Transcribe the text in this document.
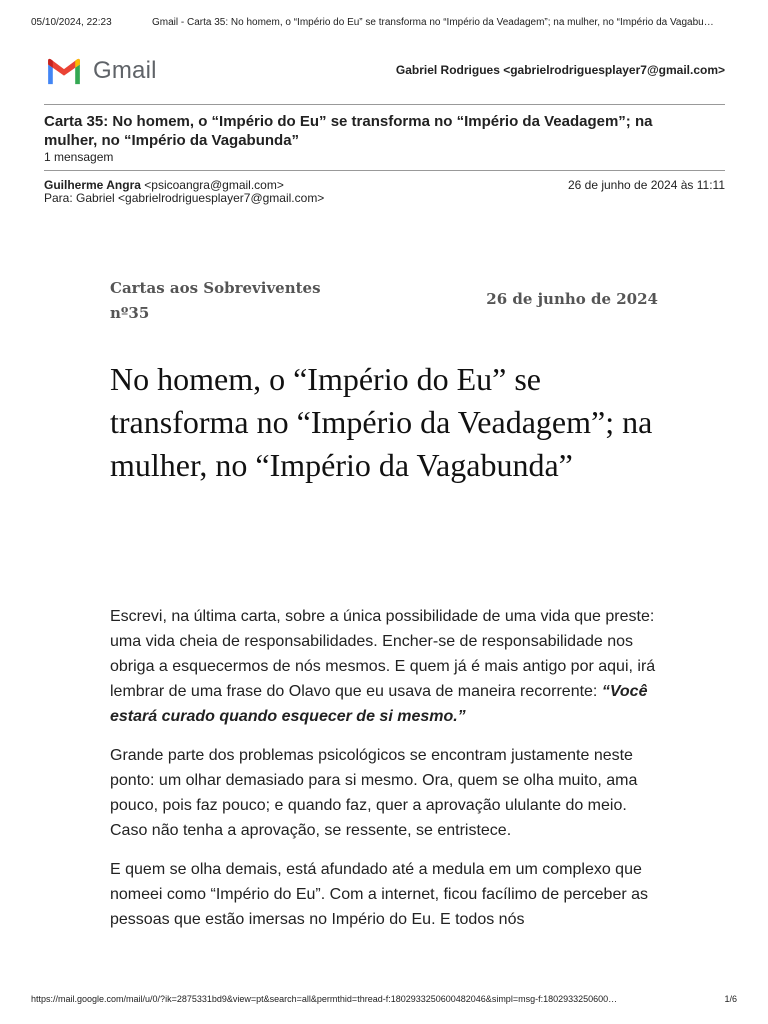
05/10/2024, 22:23	Gmail - Carta 35: No homem, o “Império do Eu” se transforma no “Império da Veadagem”; na mulher, no “Império da Vagabu…
Gmail	Gabriel Rodrigues <gabrielrodriguesplayer7@gmail.com>
Carta 35: No homem, o “Império do Eu” se transforma no “Império da Veadagem”; na mulher, no “Império da Vagabunda”
1 mensagem
Guilherme Angra <psicoangra@gmail.com>	26 de junho de 2024 às 11:11
Para: Gabriel <gabrielrodriguesplayer7@gmail.com>
Cartas aos Sobreviventes nº35
26 de junho de 2024
No homem, o “Império do Eu” se transforma no “Império da Veadagem”; na mulher, no “Império da Vagabunda”

Escrevi, na última carta, sobre a única possibilidade de uma vida que preste: uma vida cheia de responsabilidades. Encher-se de responsabilidade nos obriga a esquecermos de nós mesmos. E quem já é mais antigo por aqui, irá lembrar de uma frase do Olavo que eu usava de maneira recorrente: “Você estará curado quando esquecer de si mesmo.”

Grande parte dos problemas psicológicos se encontram justamente neste ponto: um olhar demasiado para si mesmo. Ora, quem se olha muito, ama pouco, pois faz pouco; e quando faz, quer a aprovação ululante do meio. Caso não tenha a aprovação, se ressente, se entristece.

E quem se olha demais, está afundado até a medula em um complexo que nomeei como “Império do Eu”. Com a internet, ficou facílimo de perceber as pessoas que estão imersas no Império do Eu. E todos nós

https://mail.google.com/mail/u/0/?ik=2875331bd9&view=pt&search=all&permthid=thread-f:1802933250600482046&simpl=msg-f:180293325060​0…	1/6
